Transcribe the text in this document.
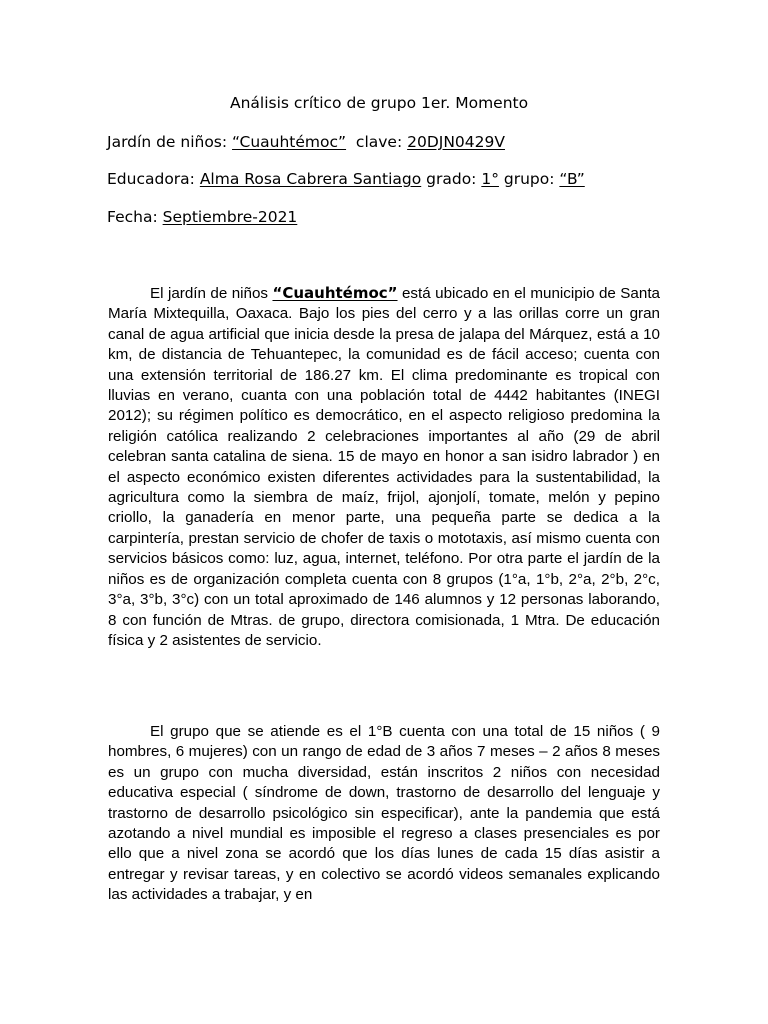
Análisis crítico de grupo 1er. Momento
Jardín de niños: “Cuauhtémoc” clave: 20DJN0429V
Educadora: Alma Rosa Cabrera Santiago grado: 1° grupo: “B”
Fecha: Septiembre-2021

El jardín de niños “Cuauhtémoc” está ubicado en el municipio de Santa María Mixtequilla, Oaxaca. Bajo los pies del cerro y a las orillas corre un gran canal de agua artificial que inicia desde la presa de jalapa del Márquez, está a 10 km, de distancia de Tehuantepec, la comunidad es de fácil acceso; cuenta con una extensión territorial de 186.27 km. El clima predominante es tropical con lluvias en verano, cuanta con una población total de 4442 habitantes (INEGI 2012); su régimen político es democrático, en el aspecto religioso predomina la religión católica realizando 2 celebraciones importantes al año (29 de abril celebran santa catalina de siena. 15 de mayo en honor a san isidro labrador ) en el aspecto económico existen diferentes actividades para la sustentabilidad, la agricultura como la siembra de maíz, frijol, ajonjolí, tomate, melón y pepino criollo, la ganadería en menor parte, una pequeña parte se dedica a la carpintería, prestan servicio de chofer de taxis o mototaxis, así mismo cuenta con servicios básicos como: luz, agua, internet, teléfono. Por otra parte el jardín de la niños es de organización completa cuenta con 8 grupos (1°a, 1°b, 2°a, 2°b, 2°c, 3°a, 3°b, 3°c) con un total aproximado de 146 alumnos y 12 personas laborando, 8 con función de Mtras. de grupo, directora comisionada, 1 Mtra. De educación física y 2 asistentes de servicio.

El grupo que se atiende es el 1°B cuenta con una total de 15 niños ( 9 hombres, 6 mujeres) con un rango de edad de 3 años 7 meses – 2 años 8 meses es un grupo con mucha diversidad, están inscritos 2 niños con necesidad educativa especial ( síndrome de down, trastorno de desarrollo del lenguaje y trastorno de desarrollo psicológico sin especificar), ante la pandemia que está azotando a nivel mundial es imposible el regreso a clases presenciales es por ello que a nivel zona se acordó que los días lunes de cada 15 días asistir a entregar y revisar tareas, y en colectivo se acordó videos semanales explicando las actividades a trabajar, y en
